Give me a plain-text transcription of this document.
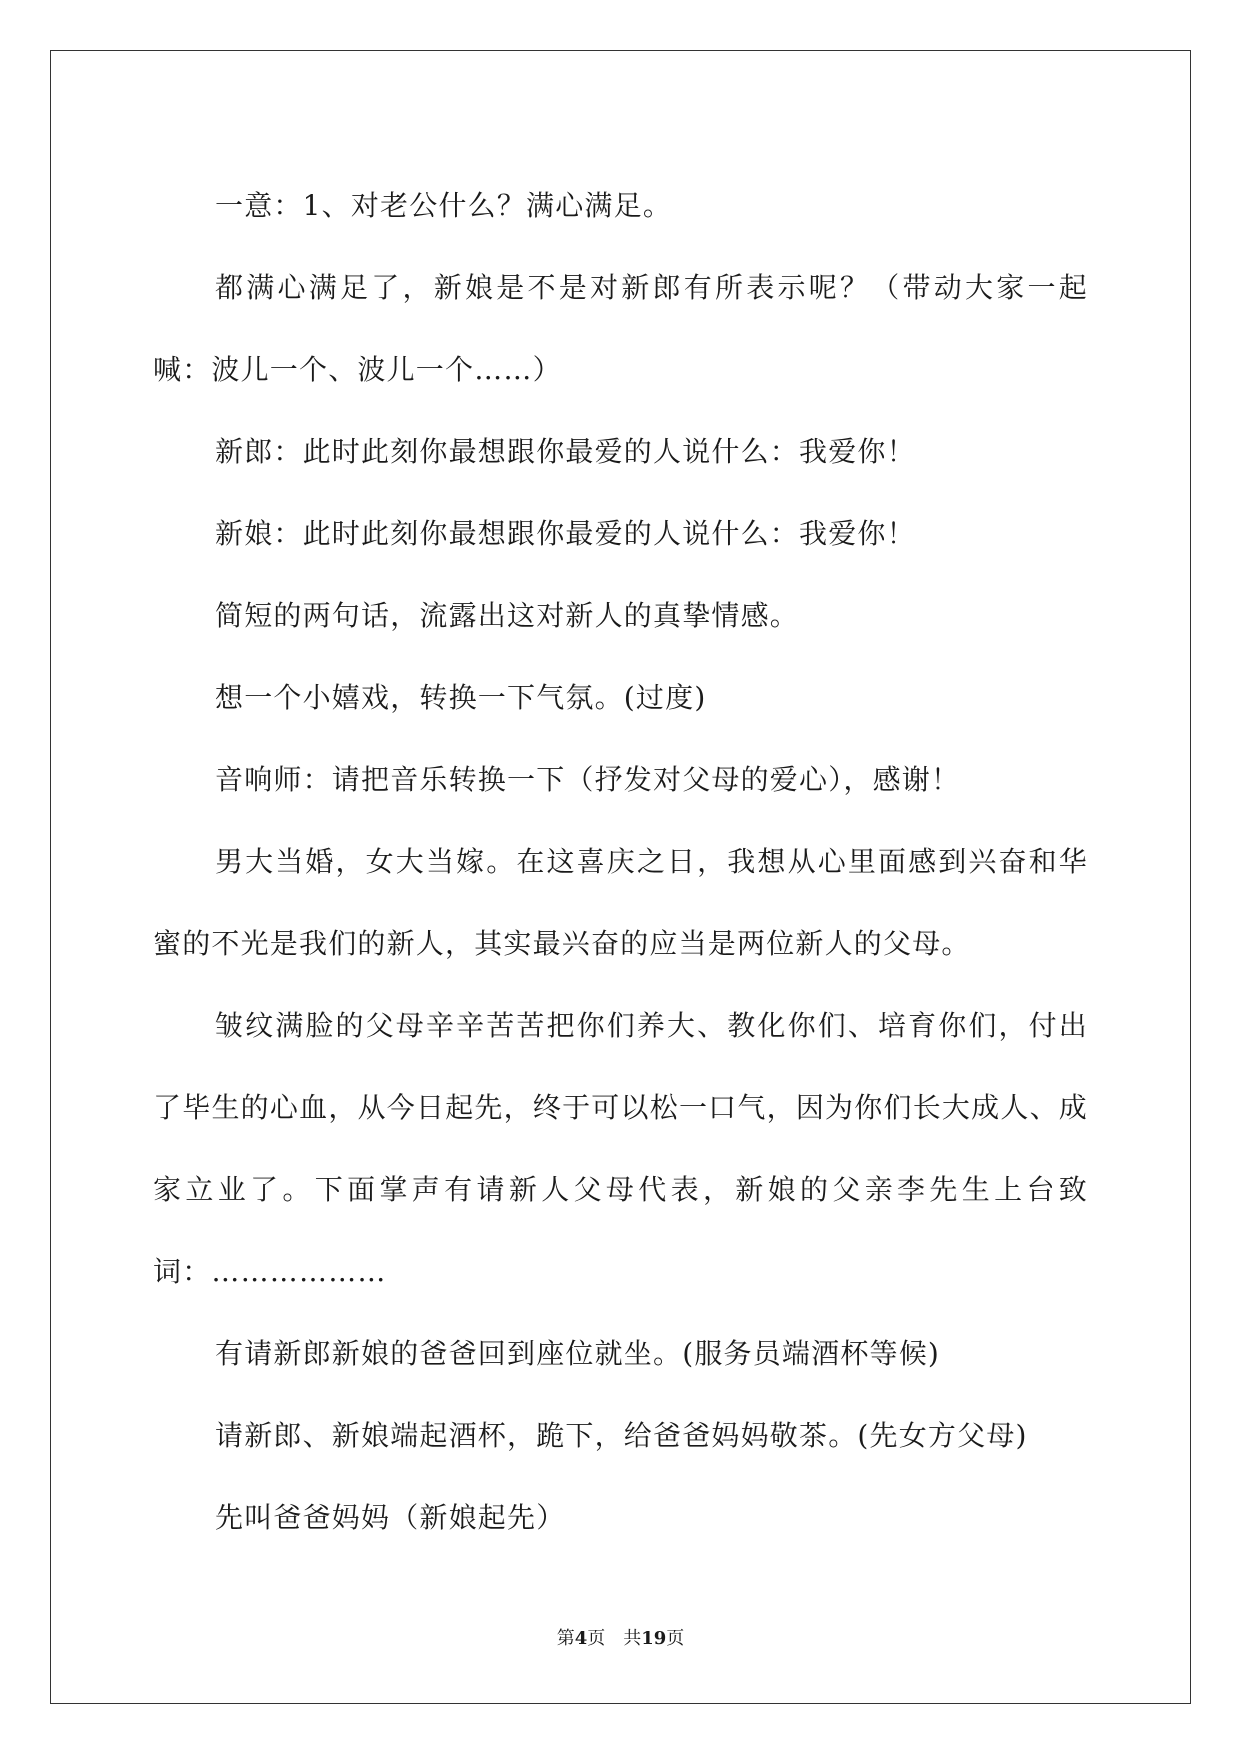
一意：1、对老公什么？满心满足。

都满心满足了，新娘是不是对新郎有所表示呢？（带动大家一起喊：波儿一个、波儿一个……）

新郎：此时此刻你最想跟你最爱的人说什么：我爱你！

新娘：此时此刻你最想跟你最爱的人说什么：我爱你！

简短的两句话，流露出这对新人的真挚情感。

想一个小嬉戏，转换一下气氛。(过度)

音响师：请把音乐转换一下（抒发对父母的爱心），感谢！

男大当婚，女大当嫁。在这喜庆之日，我想从心里面感到兴奋和华蜜的不光是我们的新人，其实最兴奋的应当是两位新人的父母。

皱纹满脸的父母辛辛苦苦把你们养大、教化你们、培育你们，付出了毕生的心血，从今日起先，终于可以松一口气，因为你们长大成人、成家立业了。下面掌声有请新人父母代表，新娘的父亲李先生上台致词：………………

有请新郎新娘的爸爸回到座位就坐。(服务员端酒杯等候)

请新郎、新娘端起酒杯，跪下，给爸爸妈妈敬茶。(先女方父母)

先叫爸爸妈妈（新娘起先）

第4页 共19页
